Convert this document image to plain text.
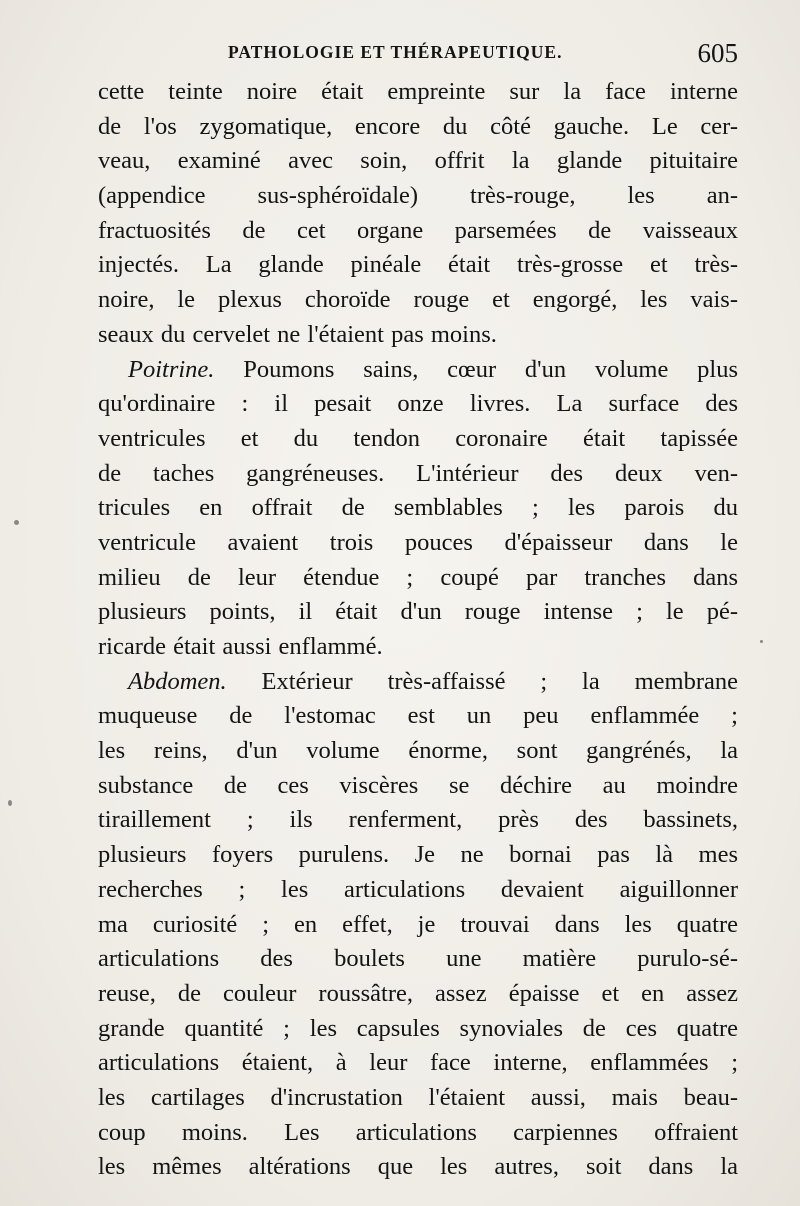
PATHOLOGIE ET THÉRAPEUTIQUE.	605
cette teinte noire était empreinte sur la face interne
de l'os zygomatique, encore du côté gauche. Le cer-
veau, examiné avec soin, offrit la glande pituitaire
(appendice sus-sphéroïdale) très-rouge, les an-
fractuosités de cet organe parsemées de vaisseaux
injectés. La glande pinéale était très-grosse et très-
noire, le plexus choroïde rouge et engorgé, les vais-
seaux du cervelet ne l'étaient pas moins.
Poitrine. Poumons sains, cœur d'un volume plus
qu'ordinaire : il pesait onze livres. La surface des
ventricules et du tendon coronaire était tapissée
de taches gangréneuses. L'intérieur des deux ven-
tricules en offrait de semblables ; les parois du
ventricule avaient trois pouces d'épaisseur dans le
milieu de leur étendue ; coupé par tranches dans
plusieurs points, il était d'un rouge intense ; le pé-
ricarde était aussi enflammé.
Abdomen. Extérieur très-affaissé ; la membrane
muqueuse de l'estomac est un peu enflammée ;
les reins, d'un volume énorme, sont gangrénés, la
substance de ces viscères se déchire au moindre
tiraillement ; ils renferment, près des bassinets,
plusieurs foyers purulens. Je ne bornai pas là mes
recherches ; les articulations devaient aiguillonner
ma curiosité ; en effet, je trouvai dans les quatre
articulations des boulets une matière purulo-sé-
reuse, de couleur roussâtre, assez épaisse et en assez
grande quantité ; les capsules synoviales de ces quatre
articulations étaient, à leur face interne, enflammées ;
les cartilages d'incrustation l'étaient aussi, mais beau-
coup moins. Les articulations carpiennes offraient
les mêmes altérations que les autres, soit dans la
